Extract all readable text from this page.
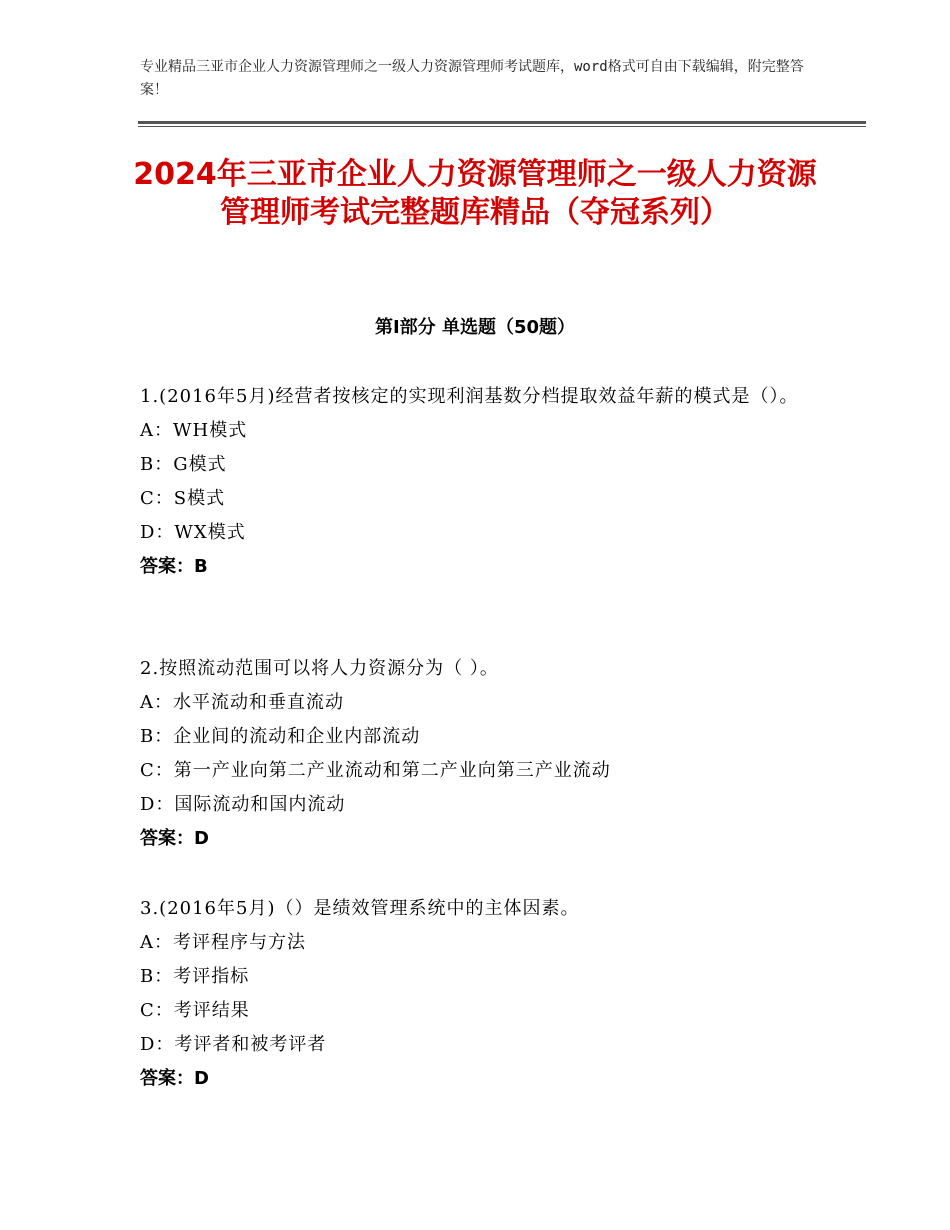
专业精品三亚市企业人力资源管理师之一级人力资源管理师考试题库，word格式可自由下载编辑，附完整答案！
2024年三亚市企业人力资源管理师之一级人力资源管理师考试完整题库精品（夺冠系列）
第Ⅰ部分 单选题（50题）

1.(2016年5月)经营者按核定的实现利润基数分档提取效益年薪的模式是（）。

A：WH模式

B：G模式

C：S模式

D：WX模式

答案：B

2.按照流动范围可以将人力资源分为（ ）。

A：水平流动和垂直流动

B：企业间的流动和企业内部流动

C：第一产业向第二产业流动和第二产业向第三产业流动

D：国际流动和国内流动

答案：D

3.(2016年5月)（）是绩效管理系统中的主体因素。

A：考评程序与方法

B：考评指标

C：考评结果

D：考评者和被考评者

答案：D
